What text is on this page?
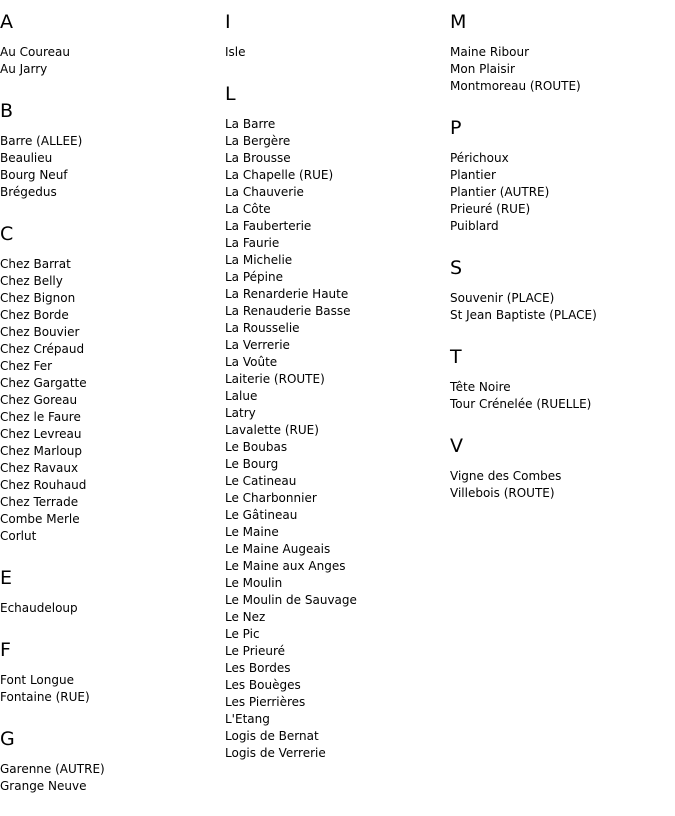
A
Au Coureau
Au Jarry
B
Barre (ALLEE)
Beaulieu
Bourg Neuf
Brégedus
C
Chez Barrat
Chez Belly
Chez Bignon
Chez Borde
Chez Bouvier
Chez Crépaud
Chez Fer
Chez Gargatte
Chez Goreau
Chez le Faure
Chez Levreau
Chez Marloup
Chez Ravaux
Chez Rouhaud
Chez Terrade
Combe Merle
Corlut
E
Echaudeloup
F
Font Longue
Fontaine (RUE)
G
Garenne (AUTRE)
Grange Neuve
I
Isle
L
La Barre
La Bergère
La Brousse
La Chapelle (RUE)
La Chauverie
La Côte
La Fauberterie
La Faurie
La Michelie
La Pépine
La Renarderie Haute
La Renauderie Basse
La Rousselie
La Verrerie
La Voûte
Laiterie (ROUTE)
Lalue
Latry
Lavalette (RUE)
Le Boubas
Le Bourg
Le Catineau
Le Charbonnier
Le Gâtineau
Le Maine
Le Maine Augeais
Le Maine aux Anges
Le Moulin
Le Moulin de Sauvage
Le Nez
Le Pic
Le Prieuré
Les Bordes
Les Bouèges
Les Pierrières
L'Etang
Logis de Bernat
Logis de Verrerie
M
Maine Ribour
Mon Plaisir
Montmoreau (ROUTE)
P
Périchoux
Plantier
Plantier (AUTRE)
Prieuré (RUE)
Puiblard
S
Souvenir (PLACE)
St Jean Baptiste (PLACE)
T
Tête Noire
Tour Crénelée (RUELLE)
V
Vigne des Combes
Villebois (ROUTE)
